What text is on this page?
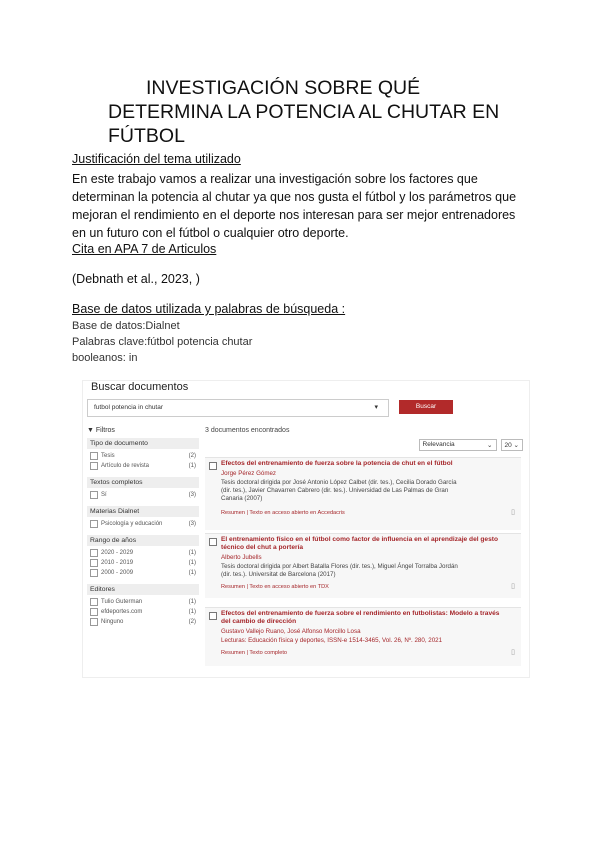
INVESTIGACIÓN SOBRE QUÉ
DETERMINA LA POTENCIA AL CHUTAR EN
FÚTBOL

Justificación del tema utilizado

En este trabajo vamos a realizar una investigación sobre los factores que determinan la potencia al chutar ya que nos gusta el fútbol y los parámetros que mejoran el rendimiento en el deporte nos interesan para ser mejor entrenadores en un futuro con el fútbol o cualquier otro deporte.

Cita en APA 7 de Articulos

(Debnath et al., 2023, )

Base de datos utilizada y palabras de búsqueda :

Base de datos:Dialnet

Palabras clave:fútbol potencia chutar

booleanos: in

Buscar documentos
futbol potencia in chutar	▾	Buscar
▼ Filtros
Tipo de documento
Tesis	(2)
Artículo de revista	(1)
Textos completos
Sí	(3)
Materias Dialnet
Psicología y educación	(3)
Rango de años
2020 - 2029	(1)
2010 - 2019	(1)
2000 - 2009	(1)
Editores
Tulio Guterman	(1)
efdeportes.com	(1)
Ninguno	(2)
3 documentos encontrados
Relevancia	⌄	20 ⌄
Efectos del entrenamiento de fuerza sobre la potencia de chut en el fútbol
Jorge Pérez Gómez
Tesis doctoral dirigida por José Antonio López Calbet (dir. tes.), Cecilia Dorado García
(dir. tes.), Javier Chavarren Cabrero (dir. tes.). Universidad de Las Palmas de Gran
Canaria (2007)
Resumen | Texto en acceso abierto en Accedacris	▯
El entrenamiento físico en el fútbol como factor de influencia en el aprendizaje del gesto técnico del chut a portería
Alberto Jubells
Tesis doctoral dirigida por Albert Batalla Flores (dir. tes.), Miguel Ángel Torralba Jordán
(dir. tes.). Universitat de Barcelona (2017)
Resumen | Texto en acceso abierto en TDX	▯
Efectos del entrenamiento de fuerza sobre el rendimiento en futbolistas: Modelo a través del cambio de dirección
Gustavo Vallejo Ruano, José Alfonso Morcillo Losa
Lecturas: Educación física y deportes, ISSN-e 1514-3465, Vol. 26, Nº. 280, 2021
Resumen | Texto completo	▯
